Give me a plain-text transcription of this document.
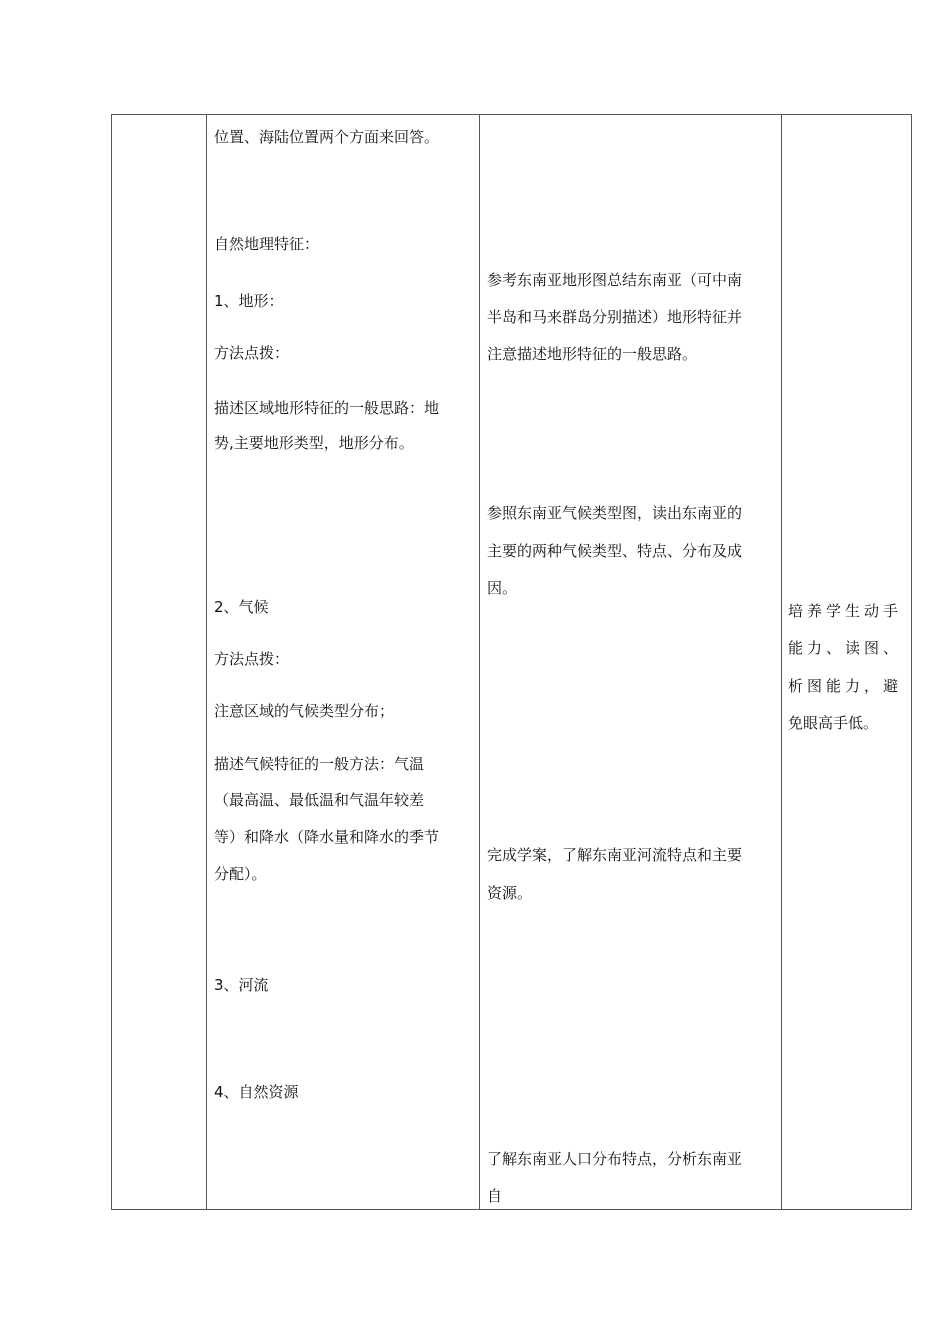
位置、海陆位置两个方面来回答。
自然地理特征：
1、地形：
方法点拨：
描述区域地形特征的一般思路：地
势,主要地形类型，地形分布。
2、气候
方法点拨：
注意区域的气候类型分布；
描述气候特征的一般方法：气温
（最高温、最低温和气温年较差
等）和降水（降水量和降水的季节
分配）。
3、河流
4、自然资源
参考东南亚地形图总结东南亚（可中南
半岛和马来群岛分别描述）地形特征并
注意描述地形特征的一般思路。
参照东南亚气候类型图，读出东南亚的
主要的两种气候类型、特点、分布及成
因。
完成学案，了解东南亚河流特点和主要
资源。
了解东南亚人口分布特点，分析东南亚
自
培养学生动手
能力、读图、
析图能力，避
免眼高手低。
